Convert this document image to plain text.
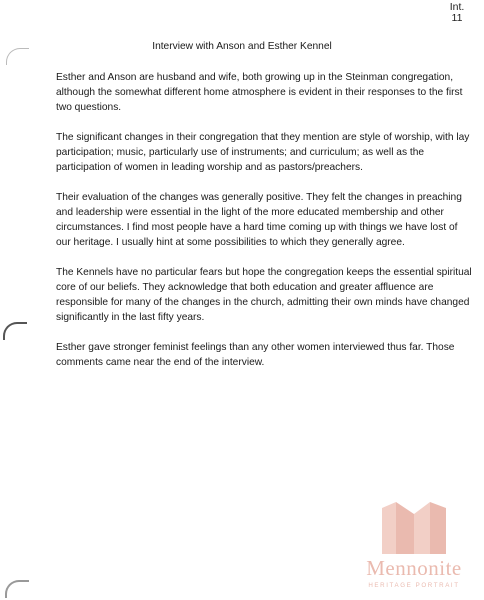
Int.
11
Interview with Anson and Esther Kennel

Esther and Anson are husband and wife, both growing up in the Steinman congregation, although the somewhat different home atmosphere is evident in their responses to the first two questions.

The significant changes in their congregation that they mention are style of worship, with lay participation; music, particularly use of instruments; and curriculum; as well as the participation of women in leading worship and as pastors/preachers.

Their evaluation of the changes was generally positive. They felt the changes in preaching and leadership were essential in the light of the more educated membership and other circumstances. I find most people have a hard time coming up with things we have lost of our heritage. I usually hint at some possibilities to which they generally agree.

The Kennels have no particular fears but hope the congregation keeps the essential spiritual core of our beliefs. They acknowledge that both education and greater affluence are responsible for many of the changes in the church, admitting their own minds have changed significantly in the last fifty years.

Esther gave stronger feminist feelings than any other women interviewed thus far. Those comments came near the end of the interview.

Mennonite
HERITAGE PORTRAIT
